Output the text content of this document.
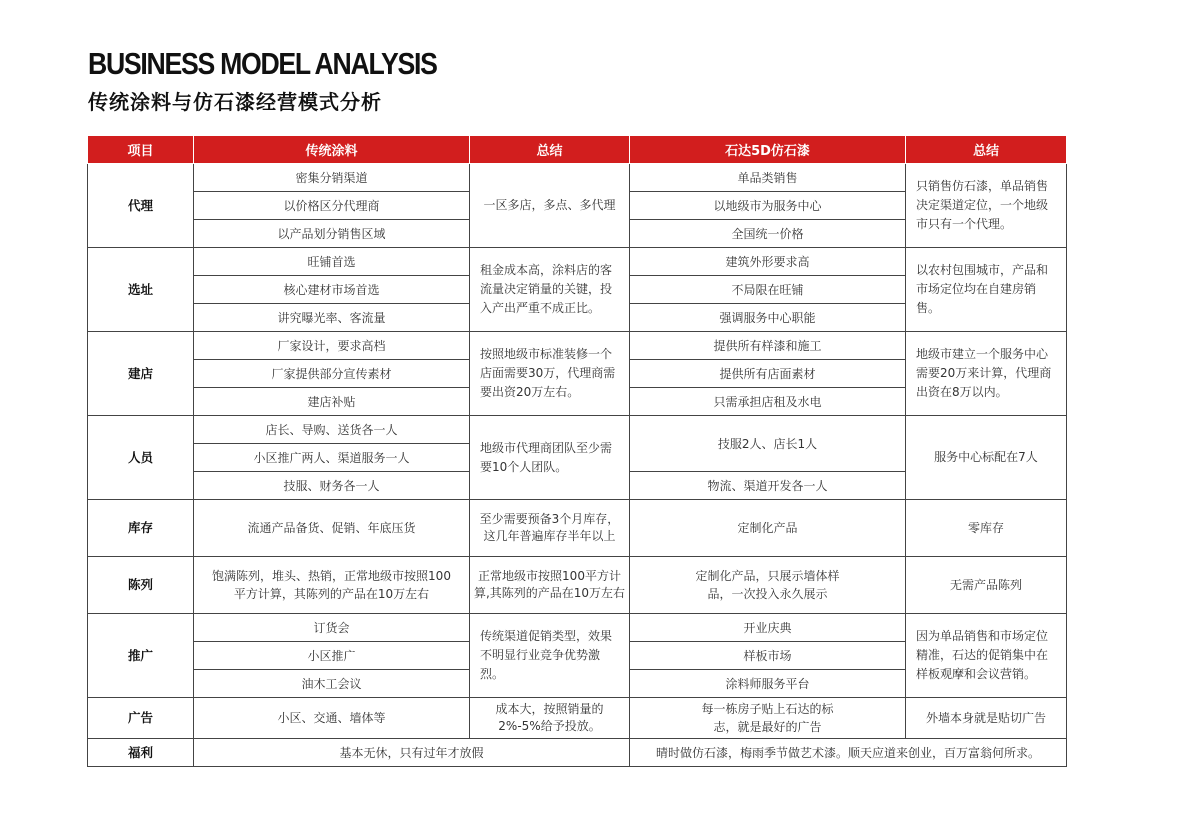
BUSINESS MODEL ANALYSIS
传统涂料与仿石漆经营模式分析
项目	传统涂料	总结	石达5D仿石漆	总结
代理	密集分销渠道	一区多店，多点、多代理	单品类销售	只销售仿石漆，单品销售决定渠道定位，一个地级市只有一个代理。
	以价格区分代理商		以地级市为服务中心	
	以产品划分销售区域		全国统一价格	
选址	旺铺首选	租金成本高，涂料店的客流量决定销量的关键，投入产出严重不成正比。	建筑外形要求高	以农村包围城市，产品和市场定位均在自建房销售。
	核心建材市场首选		不局限在旺铺	
	讲究曝光率、客流量		强调服务中心职能	
建店	厂家设计，要求高档	按照地级市标准装修一个店面需要30万，代理商需要出资20万左右。	提供所有样漆和施工	地级市建立一个服务中心需要20万来计算，代理商出资在8万以内。
	厂家提供部分宣传素材		提供所有店面素材	
	建店补贴		只需承担店租及水电	
人员	店长、导购、送货各一人	地级市代理商团队至少需要10个人团队。	技服2人、店长1人	服务中心标配在7人
	小区推广两人、渠道服务一人			
	技服、财务各一人		物流、渠道开发各一人	
库存	流通产品备货、促销、年底压货	至少需要预备3个月库存，这几年普遍库存半年以上	定制化产品	零库存
陈列	饱满陈列，堆头、热销，正常地级市按照100平方计算，其陈列的产品在10万左右	正常地级市按照100平方计算,其陈列的产品在10万左右	定制化产品，只展示墙体样品，一次投入永久展示	无需产品陈列
推广	订货会	传统渠道促销类型，效果不明显行业竞争优势激烈。	开业庆典	因为单品销售和市场定位精准，石达的促销集中在样板观摩和会议营销。
	小区推广		样板市场	
	油木工会议		涂料师服务平台	
广告	小区、交通、墙体等	成本大，按照销量的2%-5%给予投放。	每一栋房子贴上石达的标志，就是最好的广告	外墙本身就是贴切广告
福利	基本无休，只有过年才放假		晴时做仿石漆，梅雨季节做艺术漆。顺天应道来创业，百万富翁何所求。	
